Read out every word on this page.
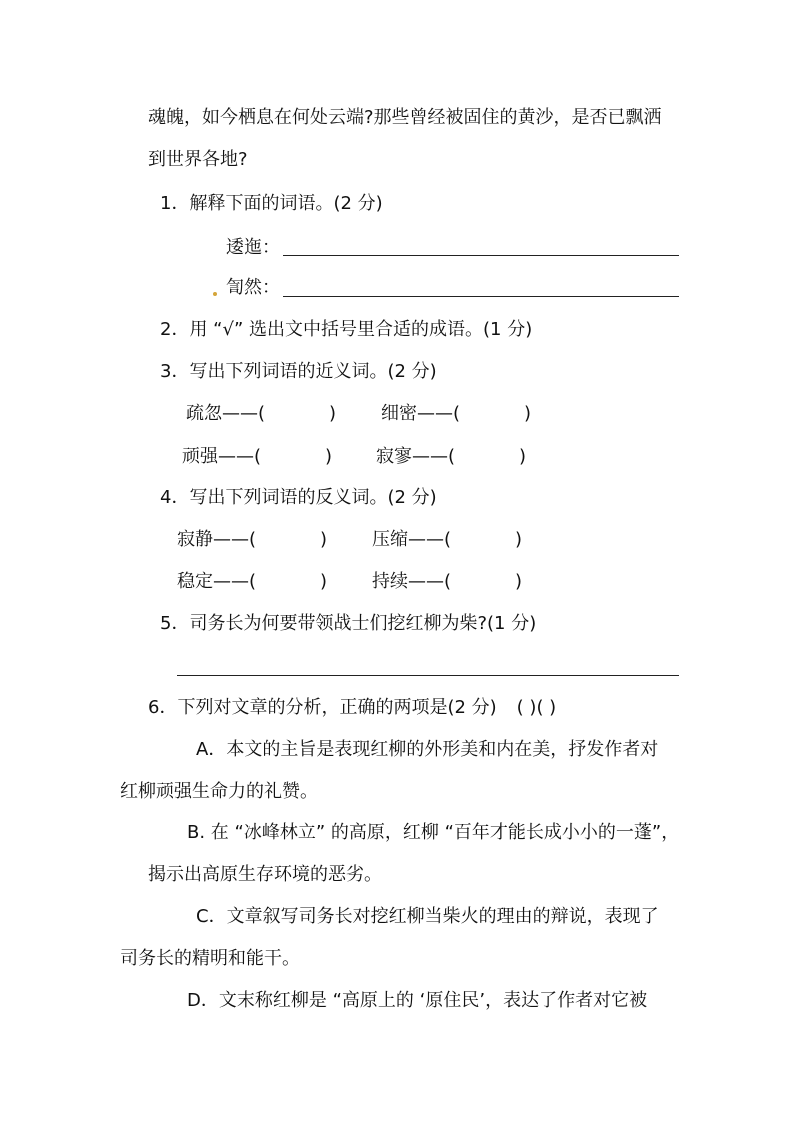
魂魄，如今栖息在何处云端?那些曾经被固住的黄沙，是否已飘洒
到世界各地?
1．解释下面的词语。(2 分)
逶迤：
訇然：
2．用 “√” 选出文中括号里合适的成语。(1 分)
3．写出下列词语的近义词。(2 分)
疏忽——(	) 细密——(	)
顽强——(	) 寂寥——(	)
4．写出下列词语的反义词。(2 分)
寂静——(	) 压缩——(	)
稳定——(	) 持续——(	)
5．司务长为何要带领战士们挖红柳为柴?(1 分)
6．下列对文章的分析，正确的两项是(2 分) ( )( )
A．本文的主旨是表现红柳的外形美和内在美，抒发作者对
红柳顽强生命力的礼赞。
B. 在 “冰峰林立” 的高原，红柳 “百年才能长成小小的一蓬”，
揭示出高原生存环境的恶劣。
C．文章叙写司务长对挖红柳当柴火的理由的辩说，表现了
司务长的精明和能干。
D．文末称红柳是 “高原上的 ‘原住民’，表达了作者对它被
